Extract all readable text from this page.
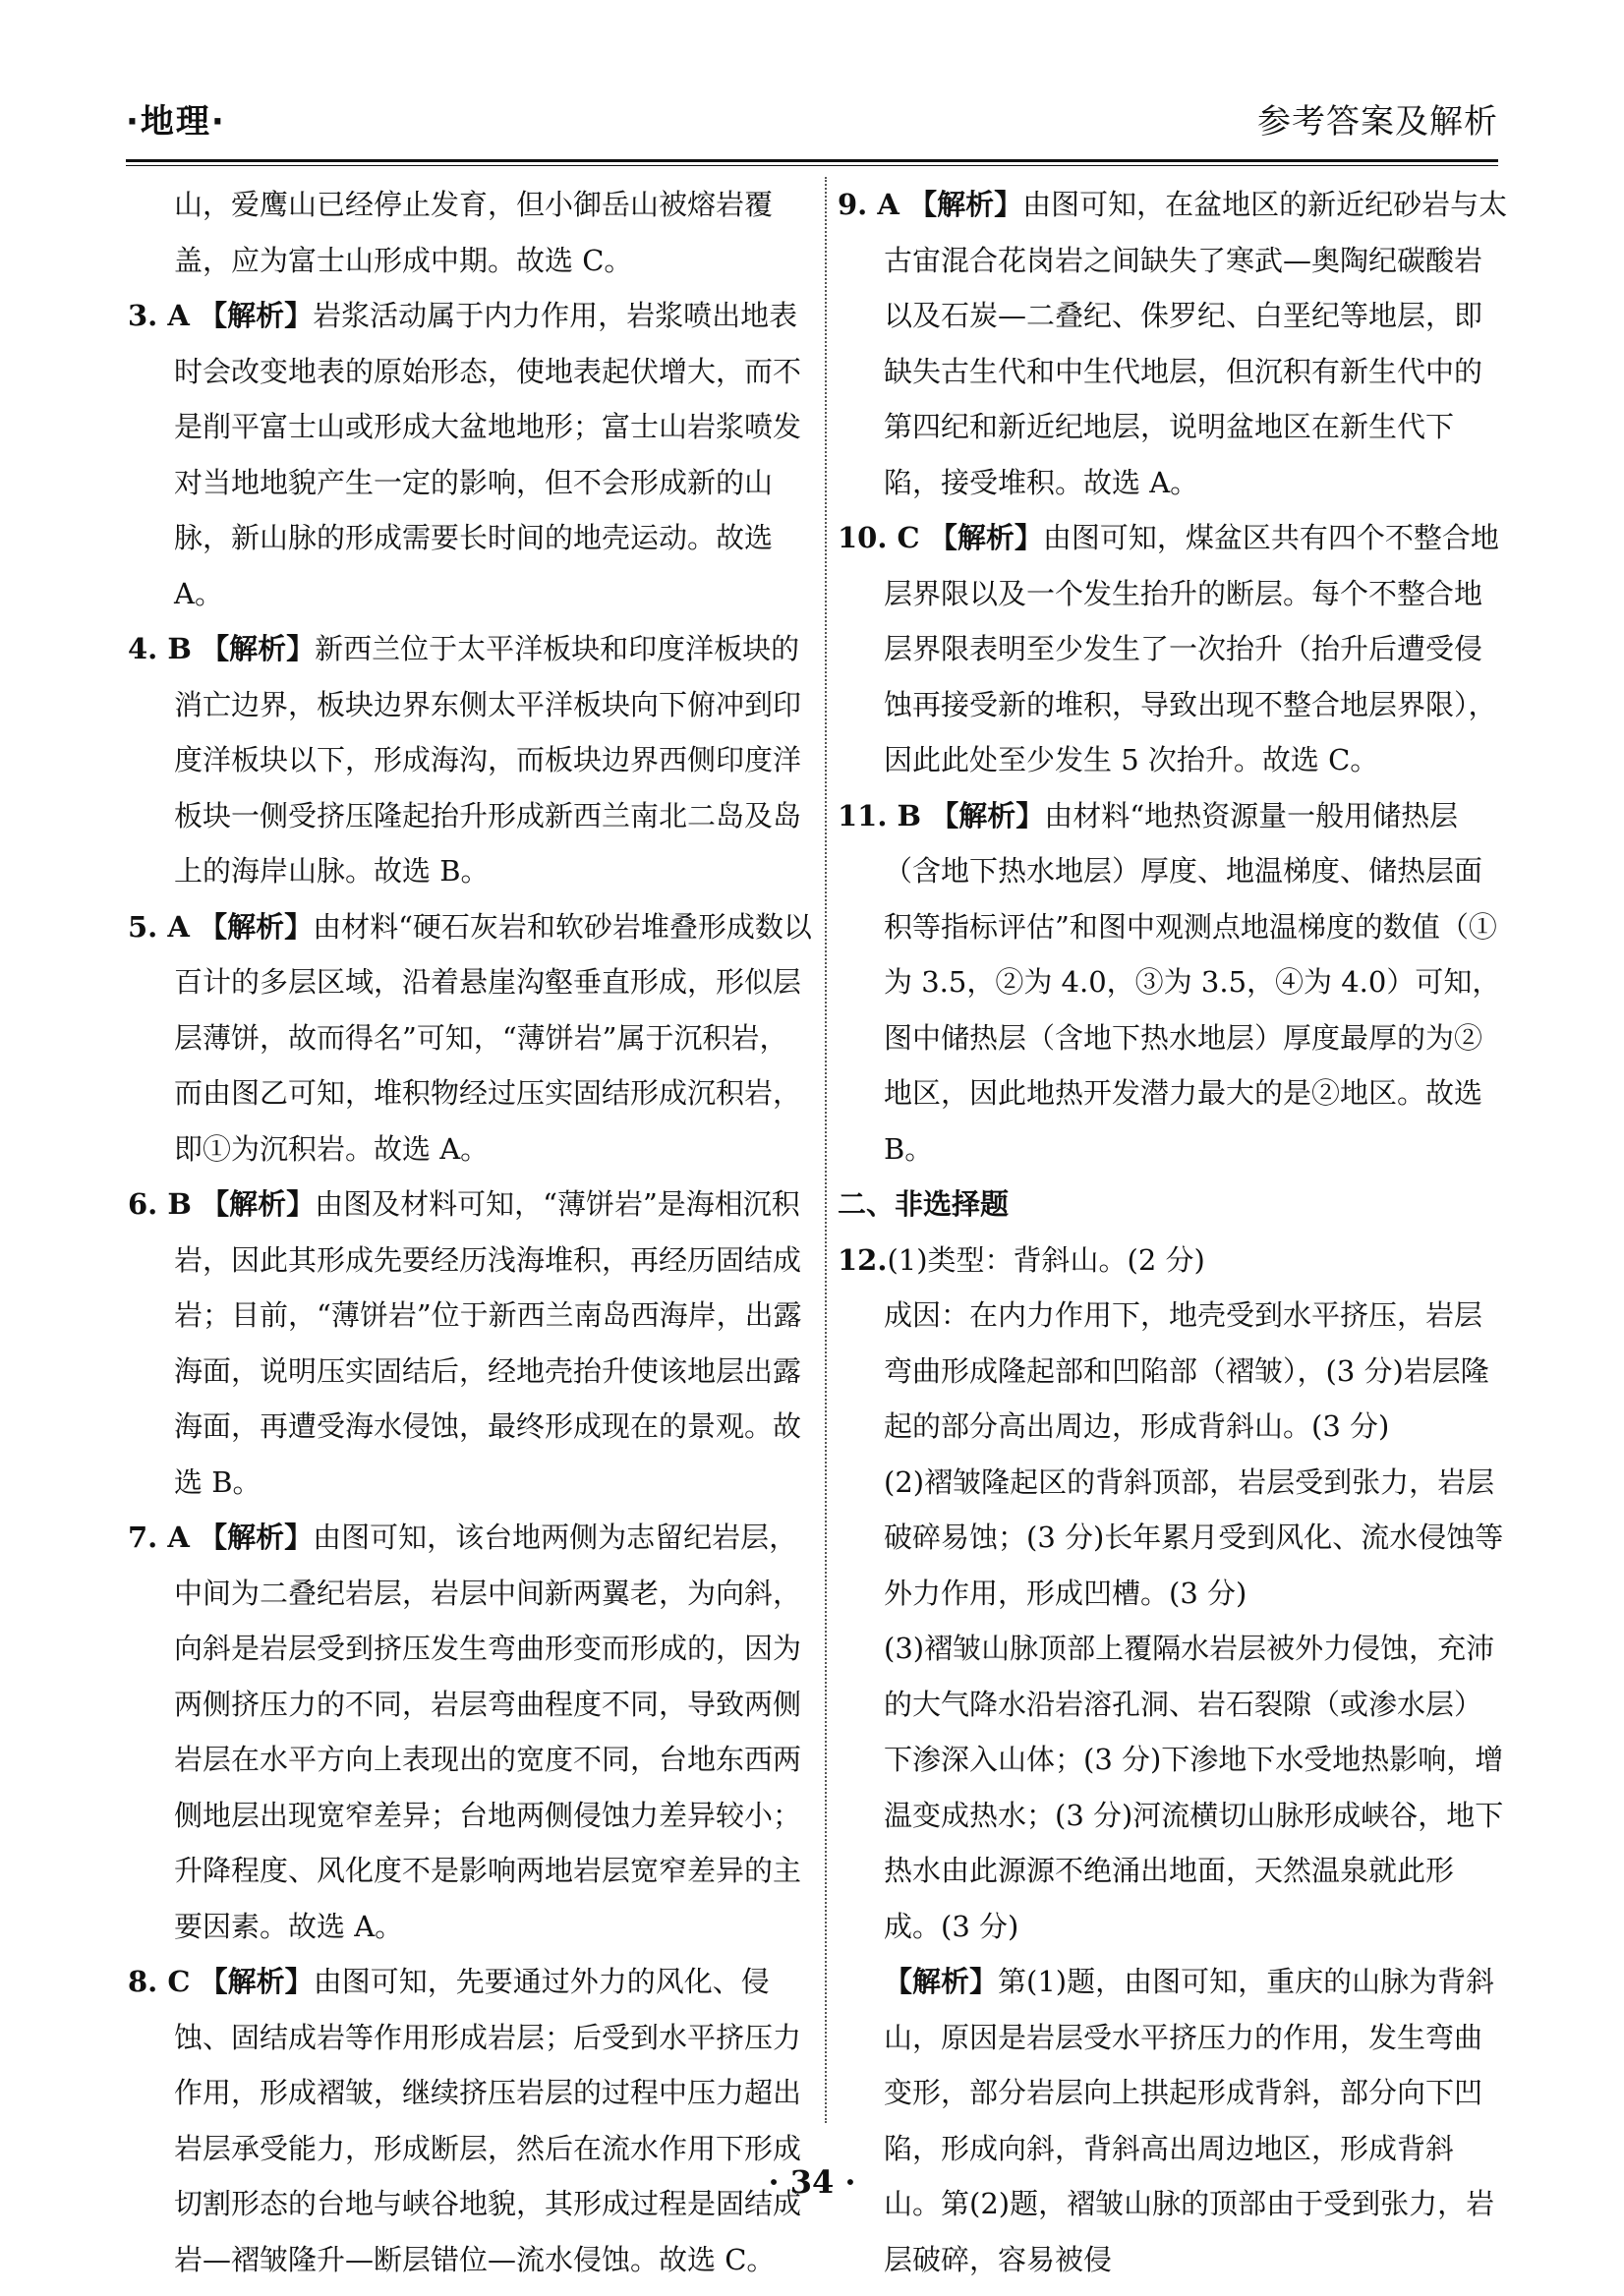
·地理·	参考答案及解析
山，爱鹰山已经停止发育，但小御岳山被熔岩覆盖，应为富士山形成中期。故选 C。
3. A 【解析】岩浆活动属于内力作用，岩浆喷出地表时会改变地表的原始形态，使地表起伏增大，而不是削平富士山或形成大盆地地形；富士山岩浆喷发对当地地貌产生一定的影响，但不会形成新的山脉，新山脉的形成需要长时间的地壳运动。故选 A。
4. B 【解析】新西兰位于太平洋板块和印度洋板块的消亡边界，板块边界东侧太平洋板块向下俯冲到印度洋板块以下，形成海沟，而板块边界西侧印度洋板块一侧受挤压隆起抬升形成新西兰南北二岛及岛上的海岸山脉。故选 B。
5. A 【解析】由材料“硬石灰岩和软砂岩堆叠形成数以百计的多层区域，沿着悬崖沟壑垂直形成，形似层层薄饼，故而得名”可知，“薄饼岩”属于沉积岩，而由图乙可知，堆积物经过压实固结形成沉积岩，即①为沉积岩。故选 A。
6. B 【解析】由图及材料可知，“薄饼岩”是海相沉积岩，因此其形成先要经历浅海堆积，再经历固结成岩；目前，“薄饼岩”位于新西兰南岛西海岸，出露海面，说明压实固结后，经地壳抬升使该地层出露海面，再遭受海水侵蚀，最终形成现在的景观。故选 B。
7. A 【解析】由图可知，该台地两侧为志留纪岩层，中间为二叠纪岩层，岩层中间新两翼老，为向斜，向斜是岩层受到挤压发生弯曲形变而形成的，因为两侧挤压力的不同，岩层弯曲程度不同，导致两侧岩层在水平方向上表现出的宽度不同，台地东西两侧地层出现宽窄差异；台地两侧侵蚀力差异较小；升降程度、风化度不是影响两地岩层宽窄差异的主要因素。故选 A。
8. C 【解析】由图可知，先要通过外力的风化、侵蚀、固结成岩等作用形成岩层；后受到水平挤压力作用，形成褶皱，继续挤压岩层的过程中压力超出岩层承受能力，形成断层，然后在流水作用下形成切割形态的台地与峡谷地貌，其形成过程是固结成岩—褶皱隆升—断层错位—流水侵蚀。故选 C。
9. A 【解析】由图可知，在盆地区的新近纪砂岩与太古宙混合花岗岩之间缺失了寒武—奥陶纪碳酸岩以及石炭—二叠纪、侏罗纪、白垩纪等地层，即缺失古生代和中生代地层，但沉积有新生代中的第四纪和新近纪地层，说明盆地区在新生代下陷，接受堆积。故选 A。
10. C 【解析】由图可知，煤盆区共有四个不整合地层界限以及一个发生抬升的断层。每个不整合地层界限表明至少发生了一次抬升（抬升后遭受侵蚀再接受新的堆积，导致出现不整合地层界限），因此此处至少发生 5 次抬升。故选 C。
11. B 【解析】由材料“地热资源量一般用储热层（含地下热水地层）厚度、地温梯度、储热层面积等指标评估”和图中观测点地温梯度的数值（①为 3.5，②为 4.0，③为 3.5，④为 4.0）可知，图中储热层（含地下热水地层）厚度最厚的为②地区，因此地热开发潜力最大的是②地区。故选 B。
二、非选择题
12.(1)类型：背斜山。(2 分)
成因：在内力作用下，地壳受到水平挤压，岩层弯曲形成隆起部和凹陷部（褶皱），(3 分)岩层隆起的部分高出周边，形成背斜山。(3 分)
(2)褶皱隆起区的背斜顶部，岩层受到张力，岩层破碎易蚀；(3 分)长年累月受到风化、流水侵蚀等外力作用，形成凹槽。(3 分)
(3)褶皱山脉顶部上覆隔水岩层被外力侵蚀，充沛的大气降水沿岩溶孔洞、岩石裂隙（或渗水层）下渗深入山体；(3 分)下渗地下水受地热影响，增温变成热水；(3 分)河流横切山脉形成峡谷，地下热水由此源源不绝涌出地面，天然温泉就此形成。(3 分)
【解析】第(1)题，由图可知，重庆的山脉为背斜山，原因是岩层受水平挤压力的作用，发生弯曲变形，部分岩层向上拱起形成背斜，部分向下凹陷，形成向斜，背斜高出周边地区，形成背斜山。第(2)题，褶皱山脉的顶部由于受到张力，岩层破碎，容易被侵
· 34 ·
